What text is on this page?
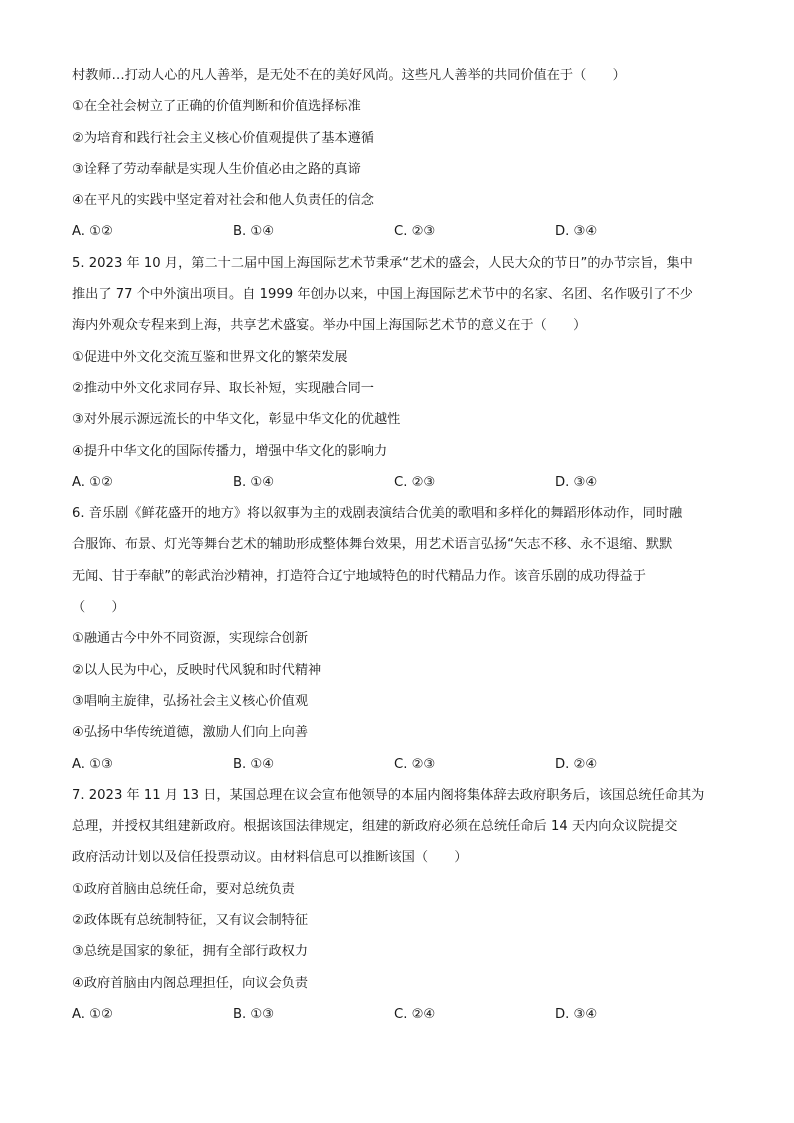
村教师…打动人心的凡人善举，是无处不在的美好风尚。这些凡人善举的共同价值在于（　　）
①在全社会树立了正确的价值判断和价值选择标准
②为培育和践行社会主义核心价值观提供了基本遵循
③诠释了劳动奉献是实现人生价值必由之路的真谛
④在平凡的实践中坚定着对社会和他人负责任的信念
A. ①②	B. ①④	C. ②③	D. ③④
5. 2023 年 10 月，第二十二届中国上海国际艺术节秉承“艺术的盛会，人民大众的节日”的办节宗旨，集中
推出了 77 个中外演出项目。自 1999 年创办以来，中国上海国际艺术节中的名家、名团、名作吸引了不少
海内外观众专程来到上海，共享艺术盛宴。举办中国上海国际艺术节的意义在于（　　）
①促进中外文化交流互鉴和世界文化的繁荣发展
②推动中外文化求同存异、取长补短，实现融合同一
③对外展示源远流长的中华文化，彰显中华文化的优越性
④提升中华文化的国际传播力，增强中华文化的影响力
A. ①②	B. ①④	C. ②③	D. ③④
6. 音乐剧《鲜花盛开的地方》将以叙事为主的戏剧表演结合优美的歌唱和多样化的舞蹈形体动作，同时融
合服饰、布景、灯光等舞台艺术的辅助形成整体舞台效果，用艺术语言弘扬“矢志不移、永不退缩、默默
无闻、甘于奉献”的彰武治沙精神，打造符合辽宁地域特色的时代精品力作。该音乐剧的成功得益于
（　　）
①融通古今中外不同资源，实现综合创新
②以人民为中心，反映时代风貌和时代精神
③唱响主旋律，弘扬社会主义核心价值观
④弘扬中华传统道德，激励人们向上向善
A. ①③	B. ①④	C. ②③	D. ②④
7. 2023 年 11 月 13 日，某国总理在议会宣布他领导的本届内阁将集体辞去政府职务后，该国总统任命其为
总理，并授权其组建新政府。根据该国法律规定，组建的新政府必须在总统任命后 14 天内向众议院提交
政府活动计划以及信任投票动议。由材料信息可以推断该国（　　）
①政府首脑由总统任命，要对总统负责
②政体既有总统制特征，又有议会制特征
③总统是国家的象征，拥有全部行政权力
④政府首脑由内阁总理担任，向议会负责
A. ①②	B. ①③	C. ②④	D. ③④
